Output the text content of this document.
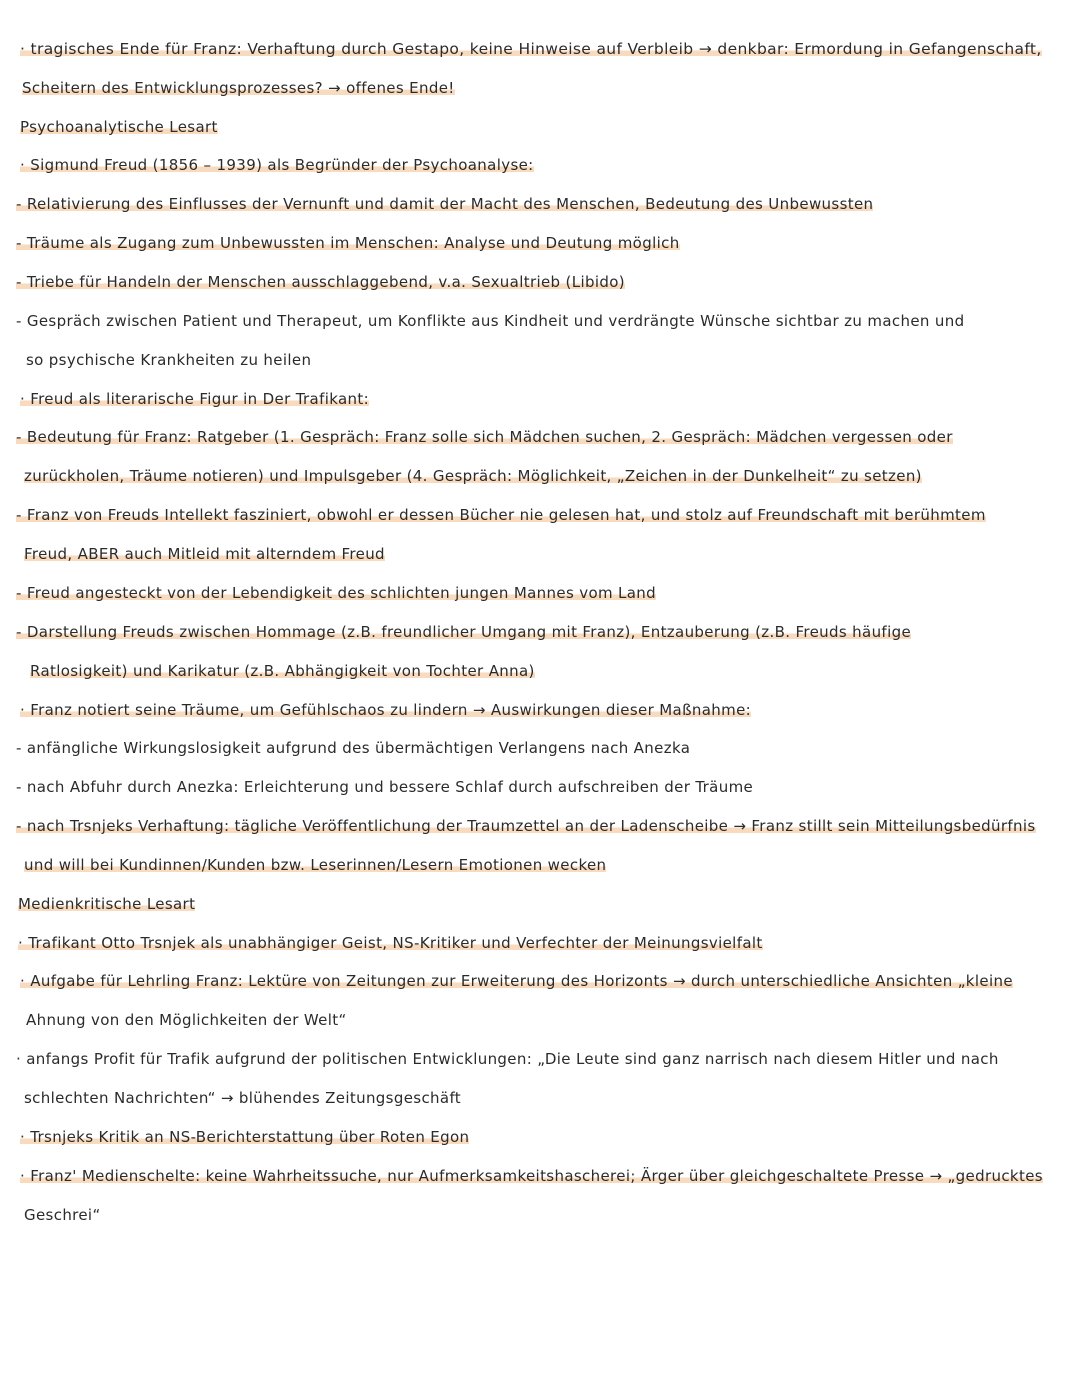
· tragisches Ende für Franz: Verhaftung durch Gestapo, keine Hinweise auf Verbleib → denkbar: Ermordung in Gefangenschaft,
Scheitern des Entwicklungsprozesses? → offenes Ende!
Psychoanalytische Lesart
· Sigmund Freud (1856 – 1939) als Begründer der Psychoanalyse:
- Relativierung des Einflusses der Vernunft und damit der Macht des Menschen, Bedeutung des Unbewussten
- Träume als Zugang zum Unbewussten im Menschen: Analyse und Deutung möglich
- Triebe für Handeln der Menschen ausschlaggebend, v.a. Sexualtrieb (Libido)
- Gespräch zwischen Patient und Therapeut, um Konflikte aus Kindheit und verdrängte Wünsche sichtbar zu machen und
so psychische Krankheiten zu heilen
· Freud als literarische Figur in Der Trafikant:
- Bedeutung für Franz: Ratgeber (1. Gespräch: Franz solle sich Mädchen suchen, 2. Gespräch: Mädchen vergessen oder
zurückholen, Träume notieren) und Impulsgeber (4. Gespräch: Möglichkeit, „Zeichen in der Dunkelheit“ zu setzen)
- Franz von Freuds Intellekt fasziniert, obwohl er dessen Bücher nie gelesen hat, und stolz auf Freundschaft mit berühmtem
Freud, ABER auch Mitleid mit alterndem Freud
- Freud angesteckt von der Lebendigkeit des schlichten jungen Mannes vom Land
- Darstellung Freuds zwischen Hommage (z.B. freundlicher Umgang mit Franz), Entzauberung (z.B. Freuds häufige
Ratlosigkeit) und Karikatur (z.B. Abhängigkeit von Tochter Anna)
· Franz notiert seine Träume, um Gefühlschaos zu lindern → Auswirkungen dieser Maßnahme:
- anfängliche Wirkungslosigkeit aufgrund des übermächtigen Verlangens nach Anezka
- nach Abfuhr durch Anezka: Erleichterung und bessere Schlaf durch aufschreiben der Träume
- nach Trsnjeks Verhaftung: tägliche Veröffentlichung der Traumzettel an der Ladenscheibe → Franz stillt sein Mitteilungsbedürfnis
und will bei Kundinnen/Kunden bzw. Leserinnen/Lesern Emotionen wecken
Medienkritische Lesart
· Trafikant Otto Trsnjek als unabhängiger Geist, NS-Kritiker und Verfechter der Meinungsvielfalt
· Aufgabe für Lehrling Franz: Lektüre von Zeitungen zur Erweiterung des Horizonts → durch unterschiedliche Ansichten „kleine
Ahnung von den Möglichkeiten der Welt“
· anfangs Profit für Trafik aufgrund der politischen Entwicklungen: „Die Leute sind ganz narrisch nach diesem Hitler und nach
schlechten Nachrichten“ → blühendes Zeitungsgeschäft
· Trsnjeks Kritik an NS-Berichterstattung über Roten Egon
· Franz' Medienschelte: keine Wahrheitssuche, nur Aufmerksamkeitshascherei; Ärger über gleichgeschaltete Presse → „gedrucktes
Geschrei“
